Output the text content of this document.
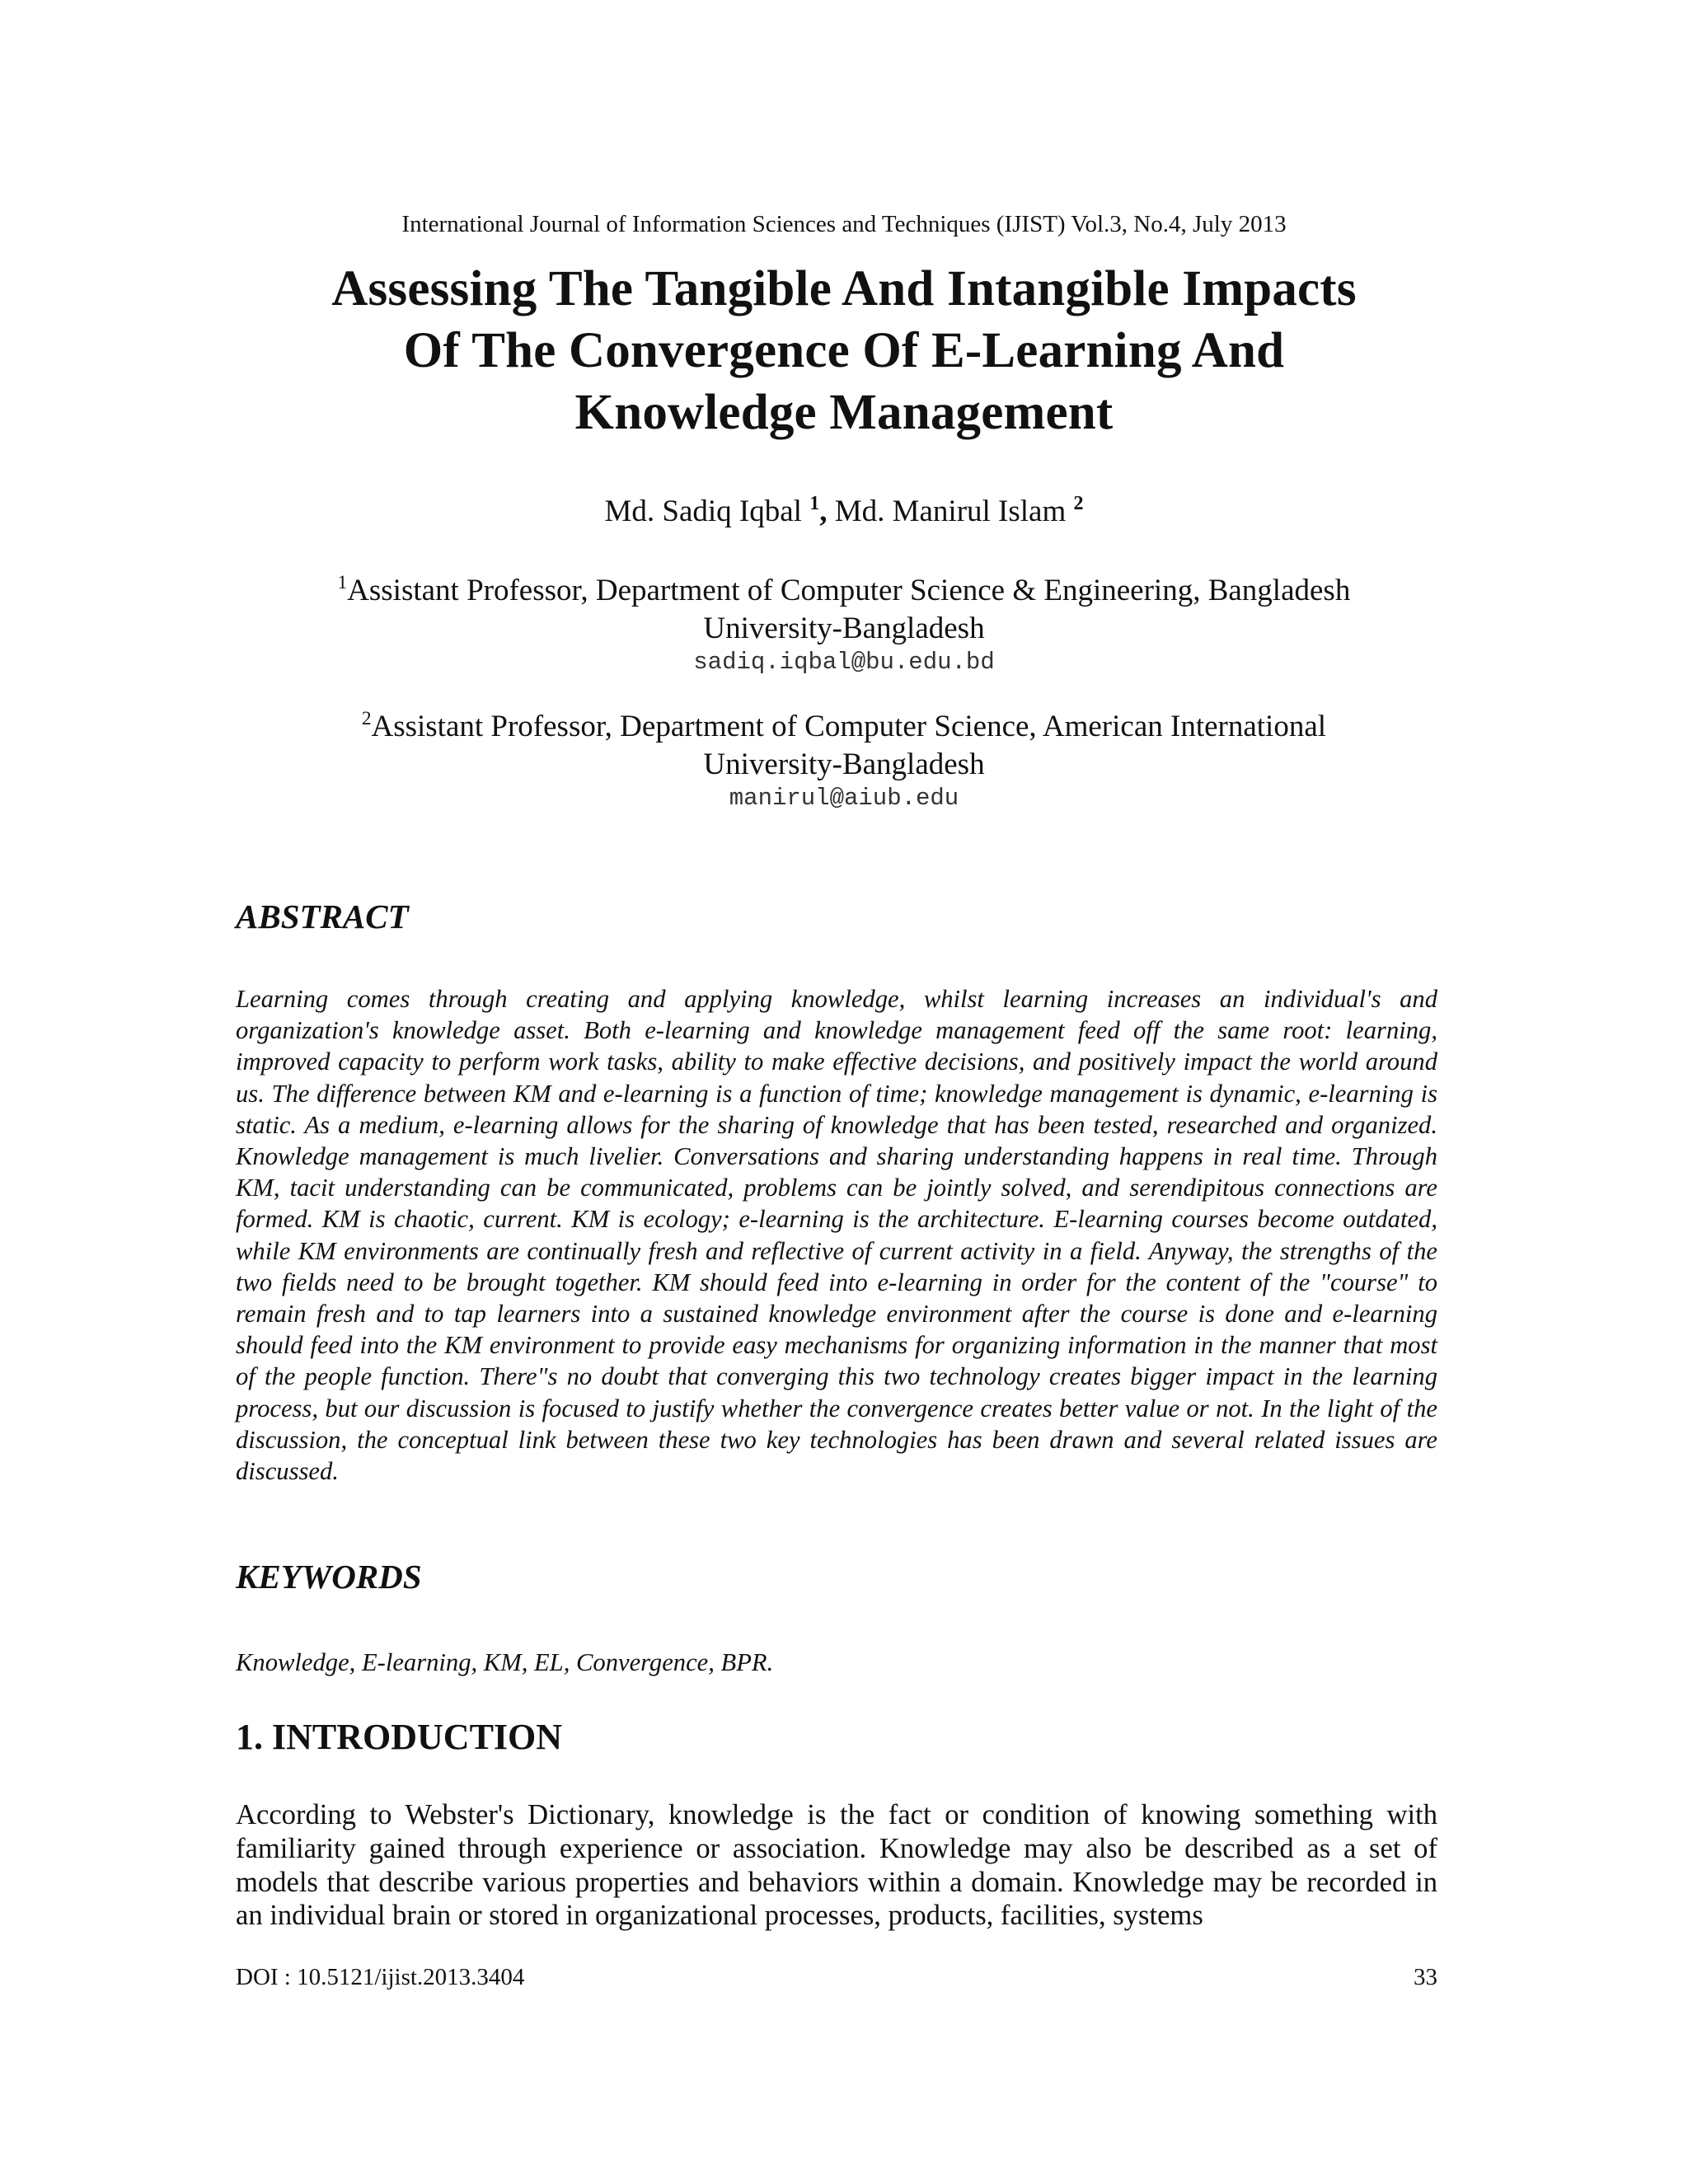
International Journal of Information Sciences and Techniques (IJIST) Vol.3, No.4, July 2013
Assessing The Tangible And Intangible Impacts
Of The Convergence Of E-Learning And
Knowledge Management
Md. Sadiq Iqbal $^1$, Md. Manirul Islam $^2$
$^1$Assistant Professor, Department of Computer Science & Engineering, Bangladesh
University-Bangladesh
sadiq.iqbal@bu.edu.bd
$^2$Assistant Professor, Department of Computer Science, American International
University-Bangladesh
manirul@aiub.edu
ABSTRACT
Learning comes through creating and applying knowledge, whilst learning increases an individual's and organization's knowledge asset. Both e-learning and knowledge management feed off the same root: learning, improved capacity to perform work tasks, ability to make effective decisions, and positively impact the world around us. The difference between KM and e-learning is a function of time; knowledge management is dynamic, e-learning is static. As a medium, e-learning allows for the sharing of knowledge that has been tested, researched and organized. Knowledge management is much livelier. Conversations and sharing understanding happens in real time. Through KM, tacit understanding can be communicated, problems can be jointly solved, and serendipitous connections are formed. KM is chaotic, current. KM is ecology; e-learning is the architecture. E-learning courses become outdated, while KM environments are continually fresh and reflective of current activity in a field. Anyway, the strengths of the two fields need to be brought together. KM should feed into e-learning in order for the content of the "course" to remain fresh and to tap learners into a sustained knowledge environment after the course is done and e-learning should feed into the KM environment to provide easy mechanisms for organizing information in the manner that most of the people function. There"s no doubt that converging this two technology creates bigger impact in the learning process, but our discussion is focused to justify whether the convergence creates better value or not. In the light of the discussion, the conceptual link between these two key technologies has been drawn and several related issues are discussed.
KEYWORDS
Knowledge, E-learning, KM, EL, Convergence, BPR.
1. INTRODUCTION
According to Webster's Dictionary, knowledge is the fact or condition of knowing something with familiarity gained through experience or association. Knowledge may also be described as a set of models that describe various properties and behaviors within a domain. Knowledge may be recorded in an individual brain or stored in organizational processes, products, facilities, systems
DOI : 10.5121/ijist.2013.3404	33
